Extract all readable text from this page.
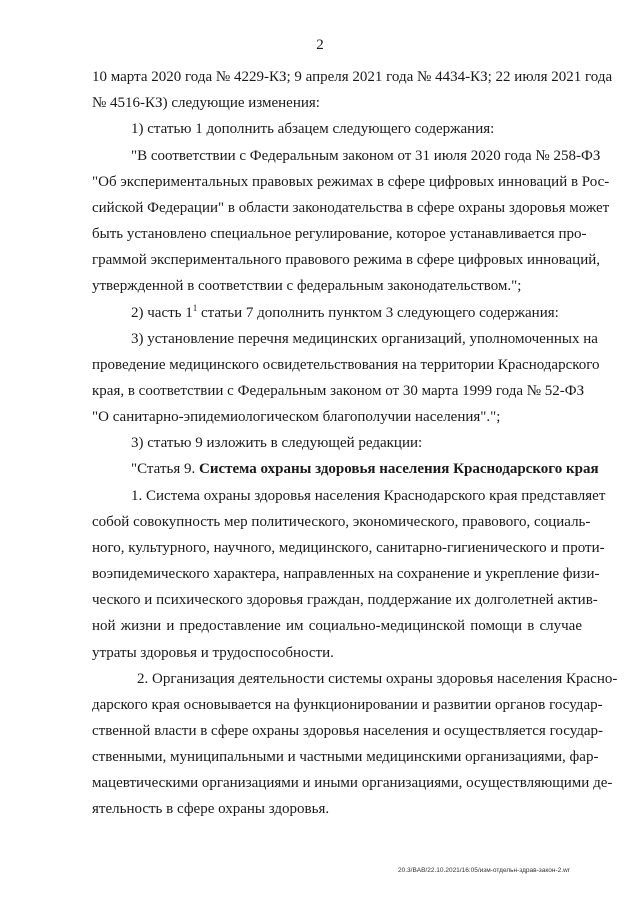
2
10 марта 2020 года № 4229-КЗ; 9 апреля 2021 года № 4434-КЗ; 22 июля 2021 года
№ 4516-КЗ) следующие изменения:
1) статью 1 дополнить абзацем следующего содержания:
"В соответствии с Федеральным законом от 31 июля 2020 года № 258-ФЗ
"Об экспериментальных правовых режимах в сфере цифровых инноваций в Рос-
сийской Федерации" в области законодательства в сфере охраны здоровья может
быть установлено специальное регулирование, которое устанавливается про-
граммой экспериментального правового режима в сфере цифровых инноваций,
утвержденной в соответствии с федеральным законодательством.";
2) часть $1^1$ статьи 7 дополнить пунктом 3 следующего содержания:
3) установление перечня медицинских организаций, уполномоченных на
проведение медицинского освидетельствования на территории Краснодарского
края, в соответствии с Федеральным законом от 30 марта 1999 года № 52-ФЗ
"О санитарно-эпидемиологическом благополучии населения".";
3) статью 9 изложить в следующей редакции:
"Статья 9. Система охраны здоровья населения Краснодарского края
1. Система охраны здоровья населения Краснодарского края представляет
собой совокупность мер политического, экономического, правового, социаль-
ного, культурного, научного, медицинского, санитарно-гигиенического и проти-
воэпидемического характера, направленных на сохранение и укрепление физи-
ческого и психического здоровья граждан, поддержание их долголетней актив-
ной жизни и предоставление им социально-медицинской помощи в случае
утраты здоровья и трудоспособности.
2. Организация деятельности системы охраны здоровья населения Красно-
дарского края основывается на функционировании и развитии органов государ-
ственной власти в сфере охраны здоровья населения и осуществляется государ-
ственными, муниципальными и частными медицинскими организациями, фар-
мацевтическими организациями и иными организациями, осуществляющими де-
ятельность в сфере охраны здоровья.
20.3/BAB/22.10.2021/16:05/изм-отдельн-здрав-закон-2.wr
